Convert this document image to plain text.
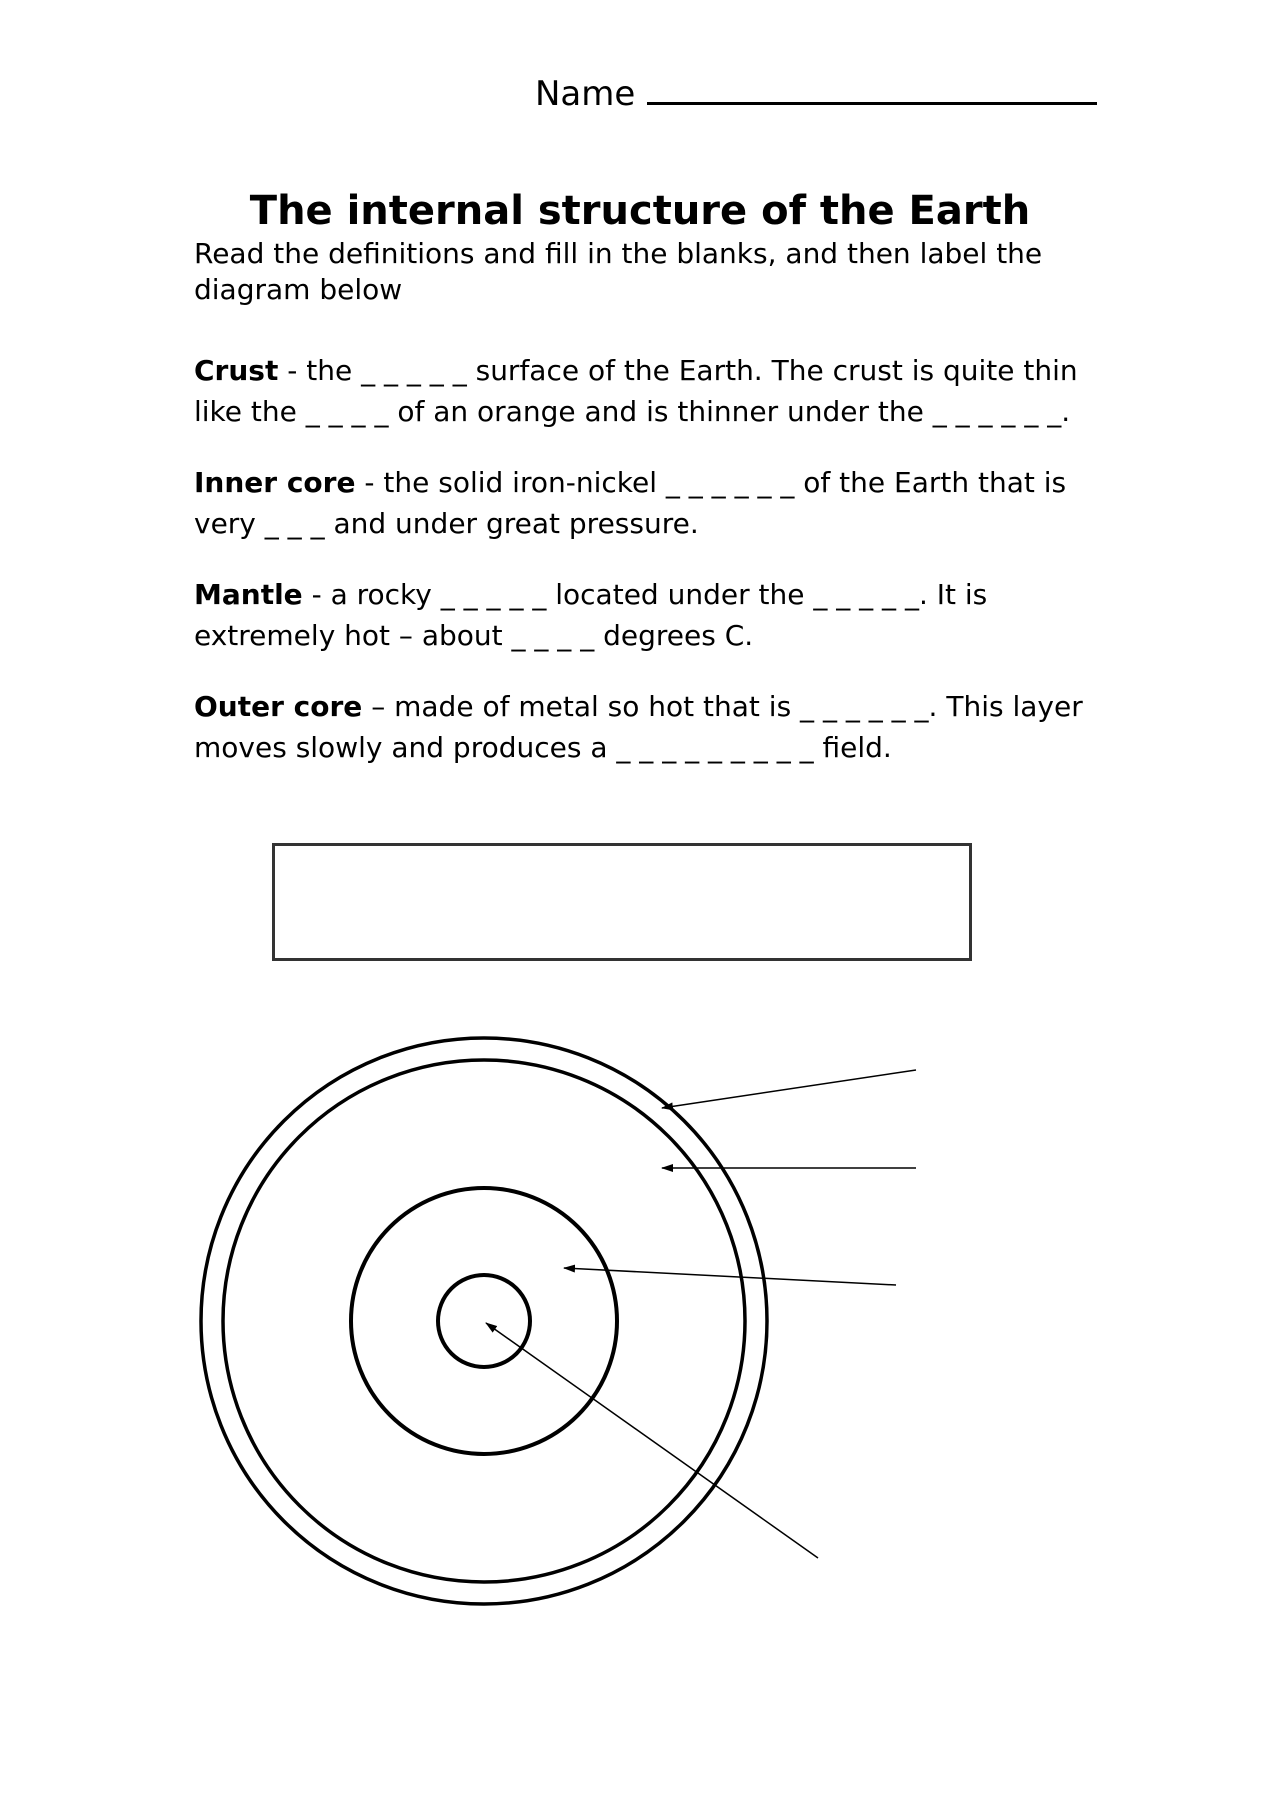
Name
The internal structure of the Earth

Read the definitions and fill in the blanks, and then label the diagram below

Crust - the _ _ _ _ _ surface of the Earth. The crust is quite thin like the _ _ _ _ of an orange and is thinner under the _ _ _ _ _ _.

Inner core - the solid iron-nickel _ _ _ _ _ _ of the Earth that is very _ _ _ and under great pressure.

Mantle - a rocky _ _ _ _ _ located under the _ _ _ _ _. It is extremely hot – about _ _ _ _ degrees C.

Outer core – made of metal so hot that is _ _ _ _ _ _. This layer moves slowly and produces a _ _ _ _ _ _ _ _ _ field.
